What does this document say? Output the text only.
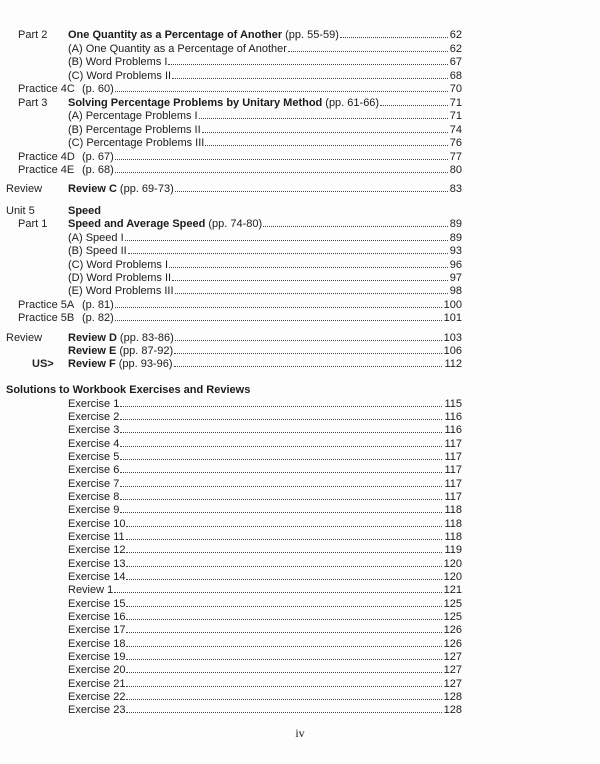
Part 2 One Quantity as a Percentage of Another (pp. 55-59)	62
(A) One Quantity as a Percentage of Another	62
(B) Word Problems I	67
(C) Word Problems II	68
Practice 4C (p. 60)	70
Part 3 Solving Percentage Problems by Unitary Method (pp. 61-66)	71
(A) Percentage Problems I	71
(B) Percentage Problems II	74
(C) Percentage Problems III	76
Practice 4D (p. 67)	77
Practice 4E (p. 68)	80
Review Review C (pp. 69-73)	83
Unit 5	Speed
Part 1 Speed and Average Speed (pp. 74-80)	89
(A) Speed I	89
(B) Speed II	93
(C) Word Problems I	96
(D) Word Problems II	97
(E) Word Problems III	98
Practice 5A (p. 81)	100
Practice 5B (p. 82)	101
Review Review D (pp. 83-86)	103
Review E (pp. 87-92)	106
US> Review F (pp. 93-96)	112
Exercise 1	115
Exercise 2	116
Exercise 3	116
Exercise 4	117
Exercise 5	117
Exercise 6	117
Exercise 7	117
Exercise 8	117
Exercise 9	118
Exercise 10	118
Exercise 11	118
Exercise 12	119
Exercise 13	120
Exercise 14	120
Review 1	121
Exercise 15	125
Exercise 16	125
Exercise 17	126
Exercise 18	126
Exercise 19	127
Exercise 20	127
Exercise 21	127
Exercise 22	128
Exercise 23	128
Solutions to Workbook Exercises and Reviews
iv
